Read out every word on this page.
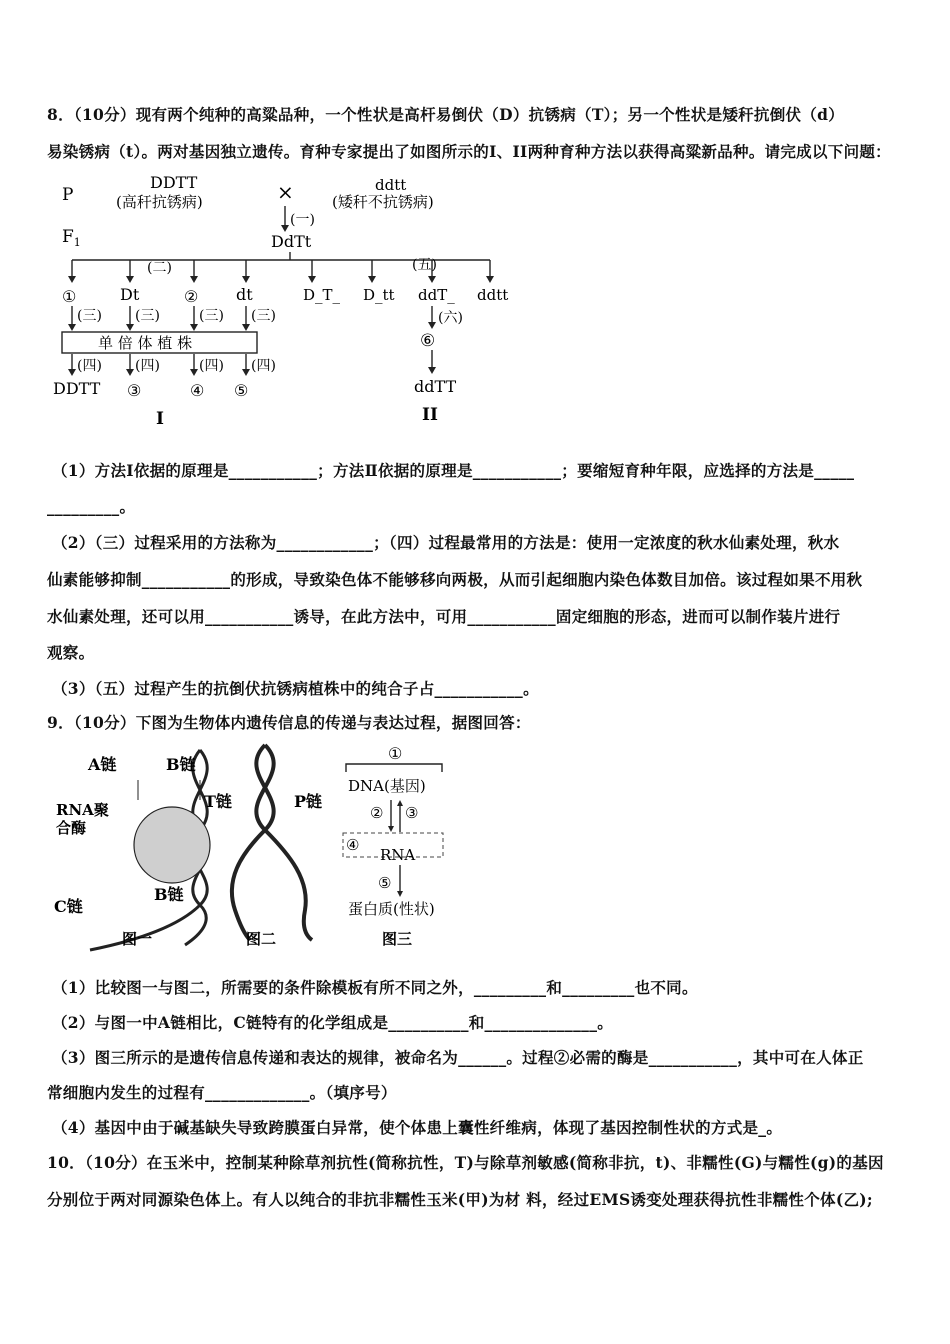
8．（10分）现有两个纯种的高粱品种，一个性状是高杆易倒伏（D）抗锈病（T）；另一个性状是矮秆抗倒伏（d）
易染锈病（t）。两对基因独立遗传。育种专家提出了如图所示的I、II两种育种方法以获得高粱新品种。请完成以下问题：
P
$F_1$
DDTT
(高秆抗锈病)	×	ddtt
(矮秆不抗锈病)
(一)
DdTt
(二)	(五)
①	Dt	② dt	D_T_ D_tt ddT_ ddtt
(三) (三)	(三) (三)
单 倍 体 植 株
(四) (四)	(四) (四)
DDTT ③	④ ⑤
(六)
⑥
ddTT
I	II
（1）方法Ⅰ依据的原理是___________；方法Ⅱ依据的原理是___________；要缩短育种年限，应选择的方法是_____
_________。
（2）（三）过程采用的方法称为____________；（四）过程最常用的方法是：使用一定浓度的秋水仙素处理，秋水
仙素能够抑制___________的形成，导致染色体不能够移向两极，从而引起细胞内染色体数目加倍。该过程如果不用秋
水仙素处理，还可以用___________诱导，在此方法中，可用___________固定细胞的形态，进而可以制作装片进行
观察。
（3）（五）过程产生的抗倒伏抗锈病植株中的纯合子占___________。
9．（10分）下图为生物体内遗传信息的传递与表达过程，据图回答：
A链	B链
RNA聚
合酶
C链
B链
图一
T链	P链
图二
①
DNA(基因)
② ③
④
RNA
⑤
蛋白质(性状)
图三
（1）比较图一与图二，所需要的条件除模板有所不同之外，_________和_________也不同。
（2）与图一中A链相比，C链特有的化学组成是__________和______________。
（3）图三所示的是遗传信息传递和表达的规律，被命名为______。过程②必需的酶是___________，其中可在人体正
常细胞内发生的过程有_____________。（填序号）
（4）基因中由于碱基缺失导致跨膜蛋白异常，使个体患上囊性纤维病，体现了基因控制性状的方式是_。
10．（10分）在玉米中，控制某种除草剂抗性(简称抗性，T)与除草剂敏感(简称非抗，t)、非糯性(G)与糯性(g)的基因
分别位于两对同源染色体上。有人以纯合的非抗非糯性玉米(甲)为材 料，经过EMS诱变处理获得抗性非糯性个体(乙);
